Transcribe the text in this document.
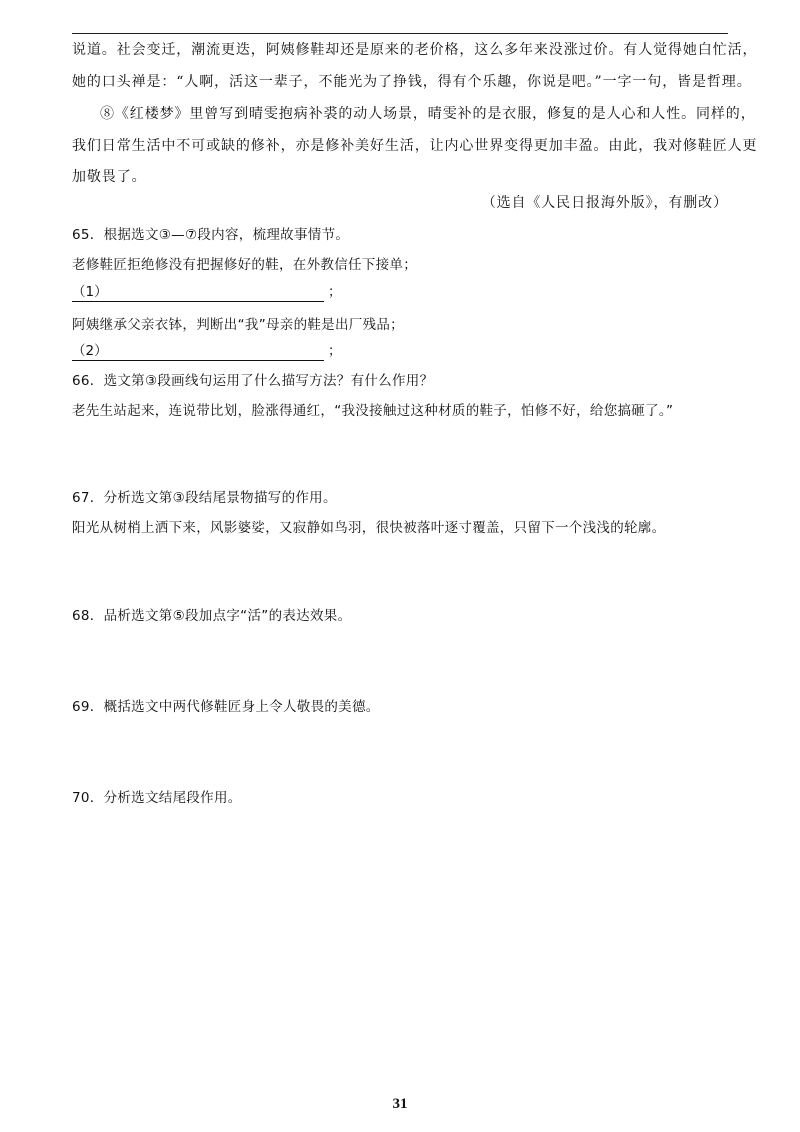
说道。社会变迁，潮流更迭，阿姨修鞋却还是原来的老价格，这么多年来没涨过价。有人觉得她白忙活，
她的口头禅是：“人啊，活这一辈子，不能光为了挣钱，得有个乐趣，你说是吧。”一字一句，皆是哲理。
⑧《红楼梦》里曾写到晴雯抱病补裘的动人场景，晴雯补的是衣服，修复的是人心和人性。同样的，
我们日常生活中不可或缺的修补，亦是修补美好生活，让内心世界变得更加丰盈。由此，我对修鞋匠人更
加敬畏了。
（选自《人民日报海外版》，有删改）
65．根据选文③—⑦段内容，梳理故事情节。
老修鞋匠拒绝修没有把握修好的鞋，在外教信任下接单；
（1）	；
阿姨继承父亲衣钵，判断出“我”母亲的鞋是出厂残品；
（2）	；
66．选文第③段画线句运用了什么描写方法？有什么作用？
老先生站起来，连说带比划，脸涨得通红，“我没接触过这种材质的鞋子，怕修不好，给您搞砸了。”
67．分析选文第③段结尾景物描写的作用。
阳光从树梢上洒下来，风影婆娑，又寂静如鸟羽，很快被落叶逐寸覆盖，只留下一个浅浅的轮廓。
68．品析选文第⑤段加点字“活”的表达效果。
69．概括选文中两代修鞋匠身上令人敬畏的美德。
70．分析选文结尾段作用。
31
